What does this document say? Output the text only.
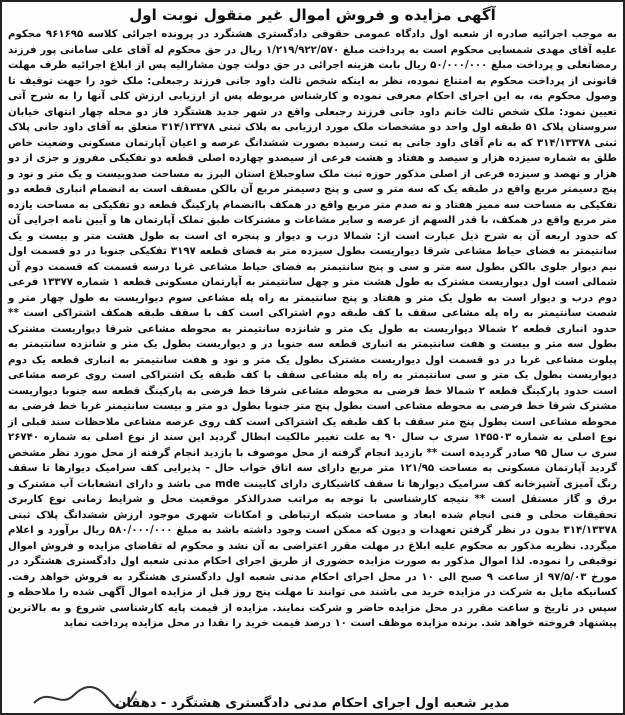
آگهی مزایده و فروش اموال غیر منقول نوبت اول

به موجب اجرائیه صادره از شعبه اول دادگاه عمومی حقوقی دادگستری هشتگرد در پرونده اجرائی کلاسه ۹۶۱۶۹۵ محکوم علیه آقای مهدی شمسایی محکوم است به پرداخت مبلغ ۱/۲۱۹/۹۲۲/۵۷۰ ریال در حق محکوم له آقای علی سامانی پور فرزند رمضانعلی و پرداخت مبلغ ۵۰/۰۰۰/۰۰۰ ریال بابت هزینه اجرائی در حق دولت چون مشارالیه پس از ابلاغ اجرائیه ظرف مهلت قانونی از پرداخت محکوم به امتناع نموده، نظر به اینکه شخص ثالث داود جانی فرزند رجبعلی: ملک خود را جهت توقیف تا وصول محکوم به، به این اجرای احکام معرفی نموده و کارشناس مربوطه پس از ارزیابی ارزش کلی آنها را به شرح آتی تعیین نمود: ملک شخص ثالث خانم داود جانی فرزند رجبعلی واقع در شهر جدید هشتگرد فاز دو محله چهار انتهای خیابان سروستان پلاک ۵۱ طبقه اول واحد دو مشخصات ملک مورد ارزیابی به پلاک ثبتی ۳۱۴/۱۳۳۷۸ متعلق به آقای داود جانی پلاک ثبتی ۳۱۴/۱۳۳۷۸ که به نام آقای داود جانی به ثبت رسیده بصورت ششدانگ عرصه و اعیان آپارتمان مسکونی وضعیت خاص طلق به شماره سیزده هزار و سیصد و هفتاد و هشت فرعی از سیصدو چهارده اصلی قطعه دو تفکیکی مفروز و جزی از دو هزار و نهصد و سیزده فرعی از اصلی مذکور حوزه ثبت ملک ساوجبلاغ استان البرز به مساحت صدوبیست و یک متر و نود و پنج دسیمتر مربع واقع در طبقه یک که سه متر و سی و پنج دسیمتر مربع آن بالکن مسقف است به انضمام انباری قطعه دو تفکیکی به مساحت سه ممیز هفتاد و نه صدم متر مربع واقع در همکف باانضمام پارکینگ قطعه دو تفکیکی به مساحت یازده متر مربع واقع در همکف، با قدر السهم از عرصه و سایر مشاعات و مشترکات طبق تملک آپارتمان ها و آیین نامه اجرایی آن که حدود اربعه آن به شرح ذیل عبارت است از: شمالا درب و دیوار و پنجره ای است به طول هشت متر و بیست و یک سانتیمتر به فضای حیاط مشاعی شرقا دیواریست بطول سیزده متر به فضای قطعه ۳۱۹۷ تفکیکی جنوبا در دو قسمت اول نیم دیوار جلوی بالکن بطول سه متر و سی و پنج سانتیمتر به فضای حیاط مشاعی غربا درسه قسمت که قسمت دوم آن شمالی است اول دیواریست مشترک به طول هشت متر و چهل سانتیمتر به آپارتمان مسکونی قطعه ۱ شماره ۱۳۳۷۷ فرعی دوم درب و دیوار است به طول یک متر و هفتاد و پنج سانتیمتر به راه پله مشاعی سوم دیواریست به طول چهار متر و شصت سانتیمتر به راه پله مشاعی سقف با کف طبقه دوم اشتراکی است کف با سقف طبقه همکف اشتراکی است ** حدود انباری قطعه ۲ شمالا دیواریست به طول یک متر و شانزده سانتیمتر به محوطه مشاعی شرقا دیواریست مشترک بطول سه متر و بیست و هفت سانتیمتر به انباری قطعه سه جنوبا در و دیواریست بطول یک متر و شانزده سانتیمتر به پیلوت مشاعی غربا در دو قسمت اول دیواریست مشترک بطول یک متر و نود و هفت سانتیمتر به انباری قطعه یک دوم دیواریست بطول یک متر و سی سانتیمتر به راه پله مشاعی سقف با کف طبقه یک اشتراکی است روی عرصه مشاعی است حدود پارکینگ قطعه ۲ شمالا خط فرضی به محوطه مشاعی شرقا خط فرضی به پارکینگ قطعه سه جنوبا دیواریست مشترک شرقا خط فرضی به محوطه مشاعی است بطول پنج متر جنوبا بطول دو متر و بیست سانتیمتر غربا خط فرضی به محوطه مشاعی است بطول پنج متر سقف با کف طبقه یک اشتراکی است کف روی عرصه مشاعی ملاحظات سند قبلی از نوع اصلی به شماره ۱۴۵۵۰۳ سری ب سال ۹۰ به علت تغییر مالکیت ابطال گردید این سند از نوع اصلی به شماره ۲۶۷۴۰ سری ب سال ۹۵ صادر گردیده است ** بازدید انجام گرفته از محل موصوف با بازدید انجام گرفته از محل مورد نظر مشخص گردید آپارتمان مسکونی به مساحت ۱۲۱/۹۵ متر مربع دارای سه اتاق خواب حال - پذیرایی کف سرامیک دیوارها تا سقف رنگ آمیزی آشپزخانه کف سرامیک دیوارها تا سقف کاشیکاری دارای کابینت mde می باشد و دارای انشعابات آب مشترک و برق و گاز مستقل است ** نتیجه کارشناسی با توجه به مراتب صدرالذکر موقعیت محل و شرایط زمانی نوع کاربری تحقیقات محلی و فنی انجام شده ابعاد و مساحت شبکه ارتباطی و امکانات شهری موجود ارزش ششدانگ پلاک ثبتی ۳۱۴/۱۳۳۷۸ بدون در نظر گرفتن تعهدات و دیون که ممکن است وجود داشته باشد به مبلغ ۵۸۰/۰۰۰/۰۰۰ ریال برآورد و اعلام میگردد. نظریه مذکور به محکوم علیه ابلاغ در مهلت مقرر اعتراضی به آن نشد و محکوم له تقاضای مزایده و فروش اموال توقیفی را نموده. لذا اموال مذکور به صورت مزایده حضوری از طریق اجرای احکام مدنی شعبه اول دادگستری هشتگرد در مورخ ۹۷/۵/۰۳ از ساعت ۹ صبح الی ۱۰ در محل اجرای احکام مدنی شعبه اول دادگستری هشتگرد به فروش خواهد رفت. کسانیکه مایل به شرکت در مزایده خرید می باشند می توانند تا مهلت پنج روز قبل از مزایده اموال آگهی شده را ملاحظه و سپس در تاریخ و ساعت مقرر در محل مزایده حاضر و شرکت نمایند. مزایده از قیمت پایه کارشناسی شروع و به بالاترین پیشنهاد فروخته خواهد شد. برنده مزایده موظف است ۱۰ درصد قیمت خرید را نقدا در محل مزایده پرداخت نماید

مدیر شعبه اول اجرای احکام مدنی دادگستری هشتگرد - دهقان
